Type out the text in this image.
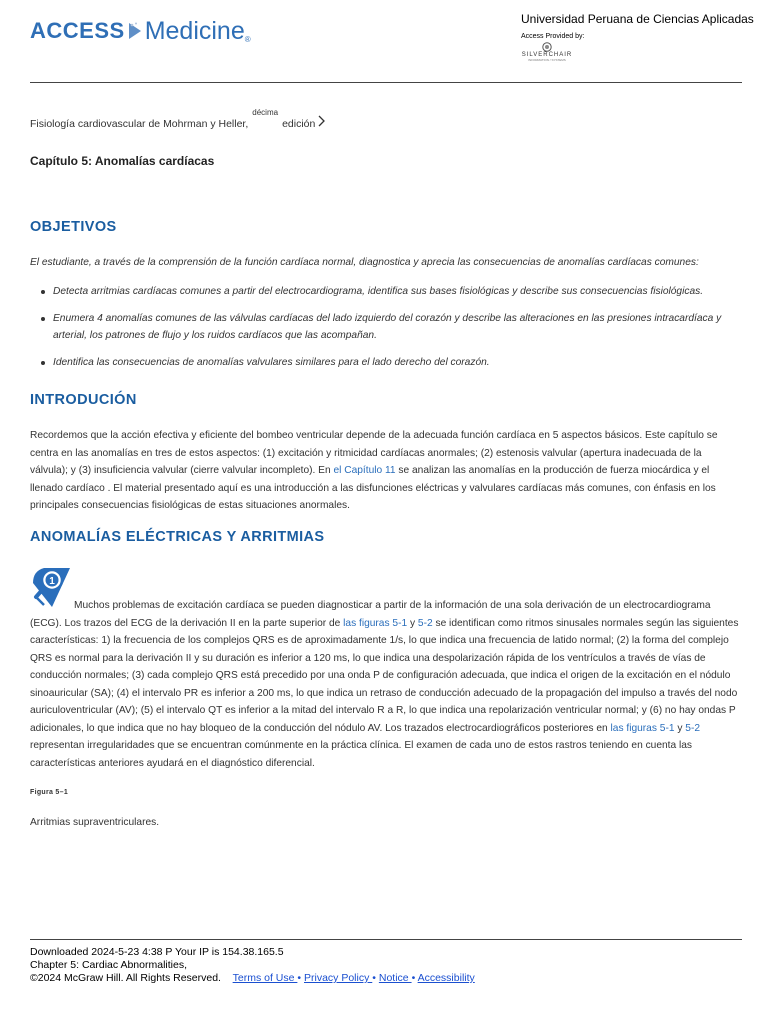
ACCESS Medicine ®
Universidad Peruana de Ciencias Aplicadas
Access Provided by:
SILVERCHAIR
INFORMATION / SYSTEMS
Fisiología cardiovascular de Mohrman y Heller,
décima
edición
Capítulo 5: Anomalías cardíacas
OBJETIVOS
El estudiante, a través de la comprensión de la función cardíaca normal, diagnostica y aprecia las consecuencias de anomalías cardíacas comunes:
Detecta arritmias cardíacas comunes a partir del electrocardiograma, identifica sus bases fisiológicas y describe sus consecuencias fisiológicas.
Enumera 4 anomalías comunes de las válvulas cardíacas del lado izquierdo del corazón y describe las alteraciones en las presiones intracardíaca y arterial, los patrones de flujo y los ruidos cardíacos que las acompañan.
Identifica las consecuencias de anomalías valvulares similares para el lado derecho del corazón.
INTRODUCIÓN
Recordemos que la acción efectiva y eficiente del bombeo ventricular depende de la adecuada función cardíaca en 5 aspectos básicos. Este capítulo se centra en las anomalías en tres de estos aspectos: (1) excitación y ritmicidad cardíacas anormales; (2) estenosis valvular (apertura inadecuada de la válvula); y (3) insuficiencia valvular (cierre valvular incompleto). En el Capítulo 11 se analizan las anomalías en la producción de fuerza miocárdica y el llenado cardíaco . El material presentado aquí es una introducción a las disfunciones eléctricas y valvulares cardíacas más comunes, con énfasis en los principales consecuencias fisiológicas de estas situaciones anormales.
ANOMALÍAS ELÉCTRICAS Y ARRITMIAS
1
Muchos problemas de excitación cardíaca se pueden diagnosticar a partir de la información de una sola derivación de un electrocardiograma (ECG). Los trazos del ECG de la derivación II en la parte superior de las figuras 5-1 y 5-2 se identifican como ritmos sinusales normales según las siguientes características: 1) la frecuencia de los complejos QRS es de aproximadamente 1/s, lo que indica una frecuencia de latido normal; (2) la forma del complejo QRS es normal para la derivación II y su duración es inferior a 120 ms, lo que indica una despolarización rápida de los ventrículos a través de vías de conducción normales; (3) cada complejo QRS está precedido por una onda P de configuración adecuada, que indica el origen de la excitación en el nódulo sinoauricular (SA); (4) el intervalo PR es inferior a 200 ms, lo que indica un retraso de conducción adecuado de la propagación del impulso a través del nodo auriculoventricular (AV); (5) el intervalo QT es inferior a la mitad del intervalo R a R, lo que indica una repolarización ventricular normal; y (6) no hay ondas P adicionales, lo que indica que no hay bloqueo de la conducción del nódulo AV. Los trazados electrocardiográficos posteriores en las figuras 5-1 y 5-2 representan irregularidades que se encuentran comúnmente en la práctica clínica. El examen de cada uno de estos rastros teniendo en cuenta las características anteriores ayudará en el diagnóstico diferencial.
Figura 5–1
Arritmias supraventriculares.
Downloaded 2024-5-23 4:38 P Your IP is 154.38.165.5
Chapter 5: Cardiac Abnormalities,
©2024 McGraw Hill. All Rights Reserved. Terms of Use • Privacy Policy • Notice • Accessibility
